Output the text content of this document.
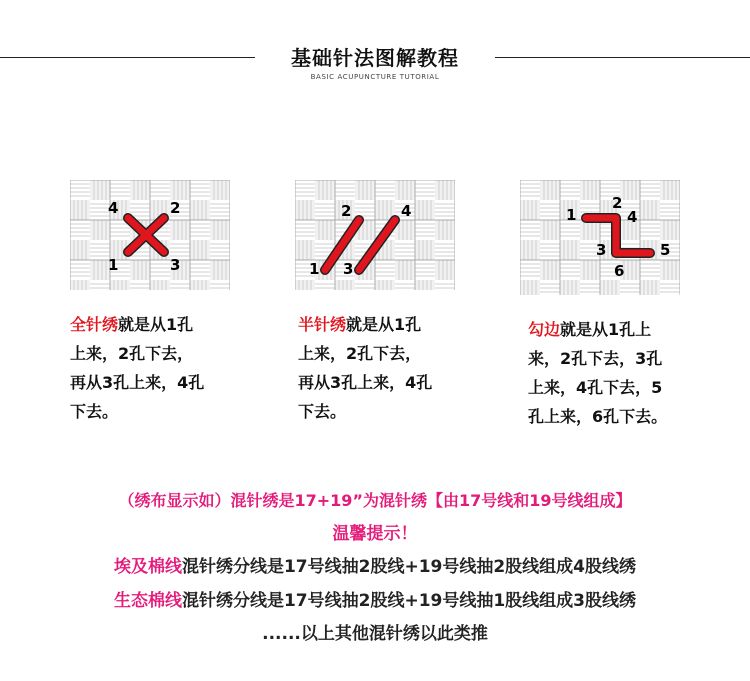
基础针法图解教程
BASIC ACUPUNCTURE TUTORIAL
4	2
1	3
2	4
1 3
1
2
4
3	5
6
全针绣就是从1孔
上来，2孔下去，
再从3孔上来，4孔
下去。
半针绣就是从1孔
上来，2孔下去，
再从3孔上来，4孔
下去。
勾边就是从1孔上
来，2孔下去，3孔
上来，4孔下去，5
孔上来，6孔下去。
（绣布显示如）混针绣是17+19”为混针绣【由17号线和19号线组成】
温馨提示！
埃及棉线混针绣分线是17号线抽2股线+19号线抽2股线组成4股线绣
生态棉线混针绣分线是17号线抽2股线+19号线抽1股线组成3股线绣
......以上其他混针绣以此类推
